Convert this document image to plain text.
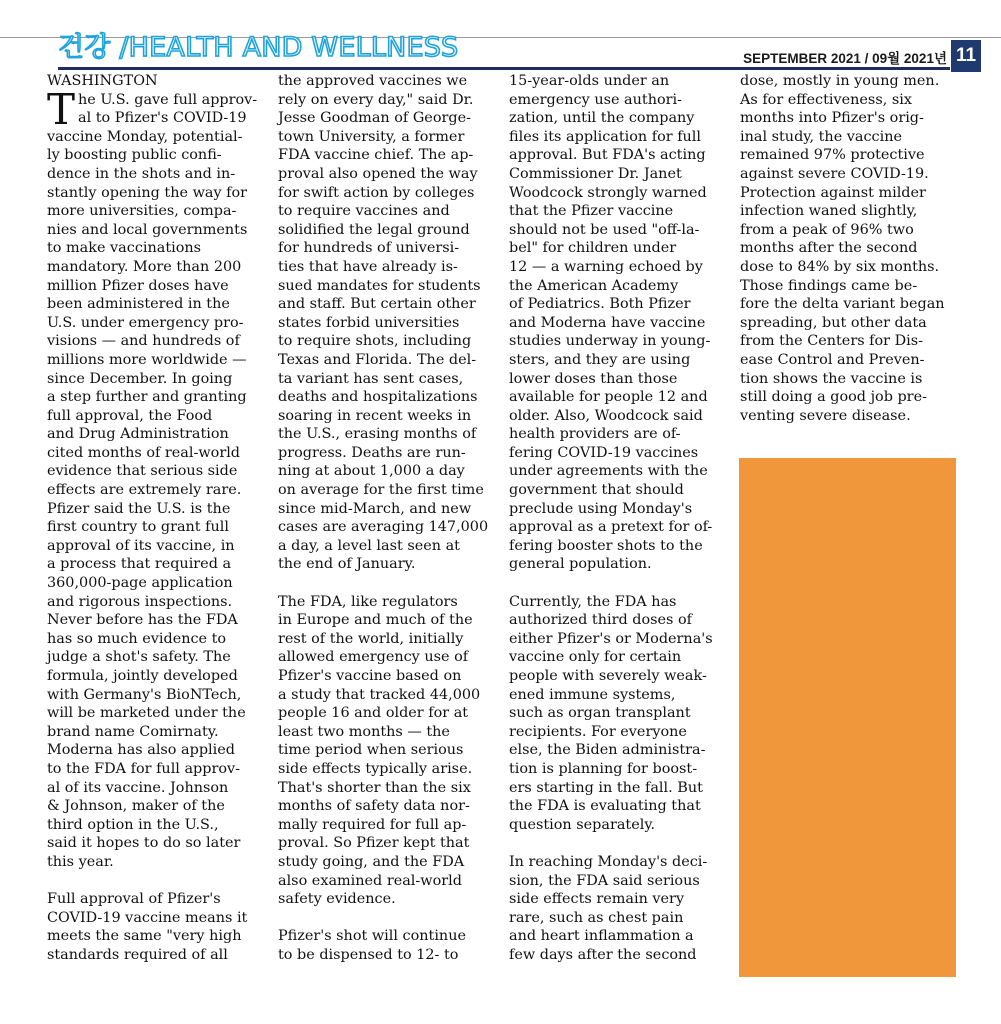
건강 /HEALTH AND WELLNESS	SEPTEMBER 2021 / 09월 2021년 11
WASHINGTON

The U.S. gave full approv-
al to Pfizer's COVID-19
vaccine Monday, potential-
ly boosting public confi-
dence in the shots and in-
stantly opening the way for
more universities, compa-
nies and local governments
to make vaccinations
mandatory. More than 200
million Pfizer doses have
been administered in the
U.S. under emergency pro-
visions — and hundreds of
millions more worldwide —
since December. In going
a step further and granting
full approval, the Food
and Drug Administration
cited months of real-world
evidence that serious side
effects are extremely rare.
Pfizer said the U.S. is the
first country to grant full
approval of its vaccine, in
a process that required a
360,000-page application
and rigorous inspections.
Never before has the FDA
has so much evidence to
judge a shot's safety. The
formula, jointly developed
with Germany's BioNTech,
will be marketed under the
brand name Comirnaty.
Moderna has also applied
to the FDA for full approv-
al of its vaccine. Johnson
& Johnson, maker of the
third option in the U.S.,
said it hopes to do so later
this year.

Full approval of Pfizer's
COVID-19 vaccine means it
meets the same "very high
standards required of all

the approved vaccines we
rely on every day," said Dr.
Jesse Goodman of George-
town University, a former
FDA vaccine chief. The ap-
proval also opened the way
for swift action by colleges
to require vaccines and
solidified the legal ground
for hundreds of universi-
ties that have already is-
sued mandates for students
and staff. But certain other
states forbid universities
to require shots, including
Texas and Florida. The del-
ta variant has sent cases,
deaths and hospitalizations
soaring in recent weeks in
the U.S., erasing months of
progress. Deaths are run-
ning at about 1,000 a day
on average for the first time
since mid-March, and new
cases are averaging 147,000
a day, a level last seen at
the end of January.

The FDA, like regulators
in Europe and much of the
rest of the world, initially
allowed emergency use of
Pfizer's vaccine based on
a study that tracked 44,000
people 16 and older for at
least two months — the
time period when serious
side effects typically arise.
That's shorter than the six
months of safety data nor-
mally required for full ap-
proval. So Pfizer kept that
study going, and the FDA
also examined real-world
safety evidence.

Pfizer's shot will continue
to be dispensed to 12- to

15-year-olds under an
emergency use authori-
zation, until the company
files its application for full
approval. But FDA's acting
Commissioner Dr. Janet
Woodcock strongly warned
that the Pfizer vaccine
should not be used "off-la-
bel" for children under
12 — a warning echoed by
the American Academy
of Pediatrics. Both Pfizer
and Moderna have vaccine
studies underway in young-
sters, and they are using
lower doses than those
available for people 12 and
older. Also, Woodcock said
health providers are of-
fering COVID-19 vaccines
under agreements with the
government that should
preclude using Monday's
approval as a pretext for of-
fering booster shots to the
general population.

Currently, the FDA has
authorized third doses of
either Pfizer's or Moderna's
vaccine only for certain
people with severely weak-
ened immune systems,
such as organ transplant
recipients. For everyone
else, the Biden administra-
tion is planning for boost-
ers starting in the fall. But
the FDA is evaluating that
question separately.

In reaching Monday's deci-
sion, the FDA said serious
side effects remain very
rare, such as chest pain
and heart inflammation a
few days after the second

dose, mostly in young men.
As for effectiveness, six
months into Pfizer's orig-
inal study, the vaccine
remained 97% protective
against severe COVID-19.
Protection against milder
infection waned slightly,
from a peak of 96% two
months after the second
dose to 84% by six months.
Those findings came be-
fore the delta variant began
spreading, but other data
from the Centers for Dis-
ease Control and Preven-
tion shows the vaccine is
still doing a good job pre-
venting severe disease.
